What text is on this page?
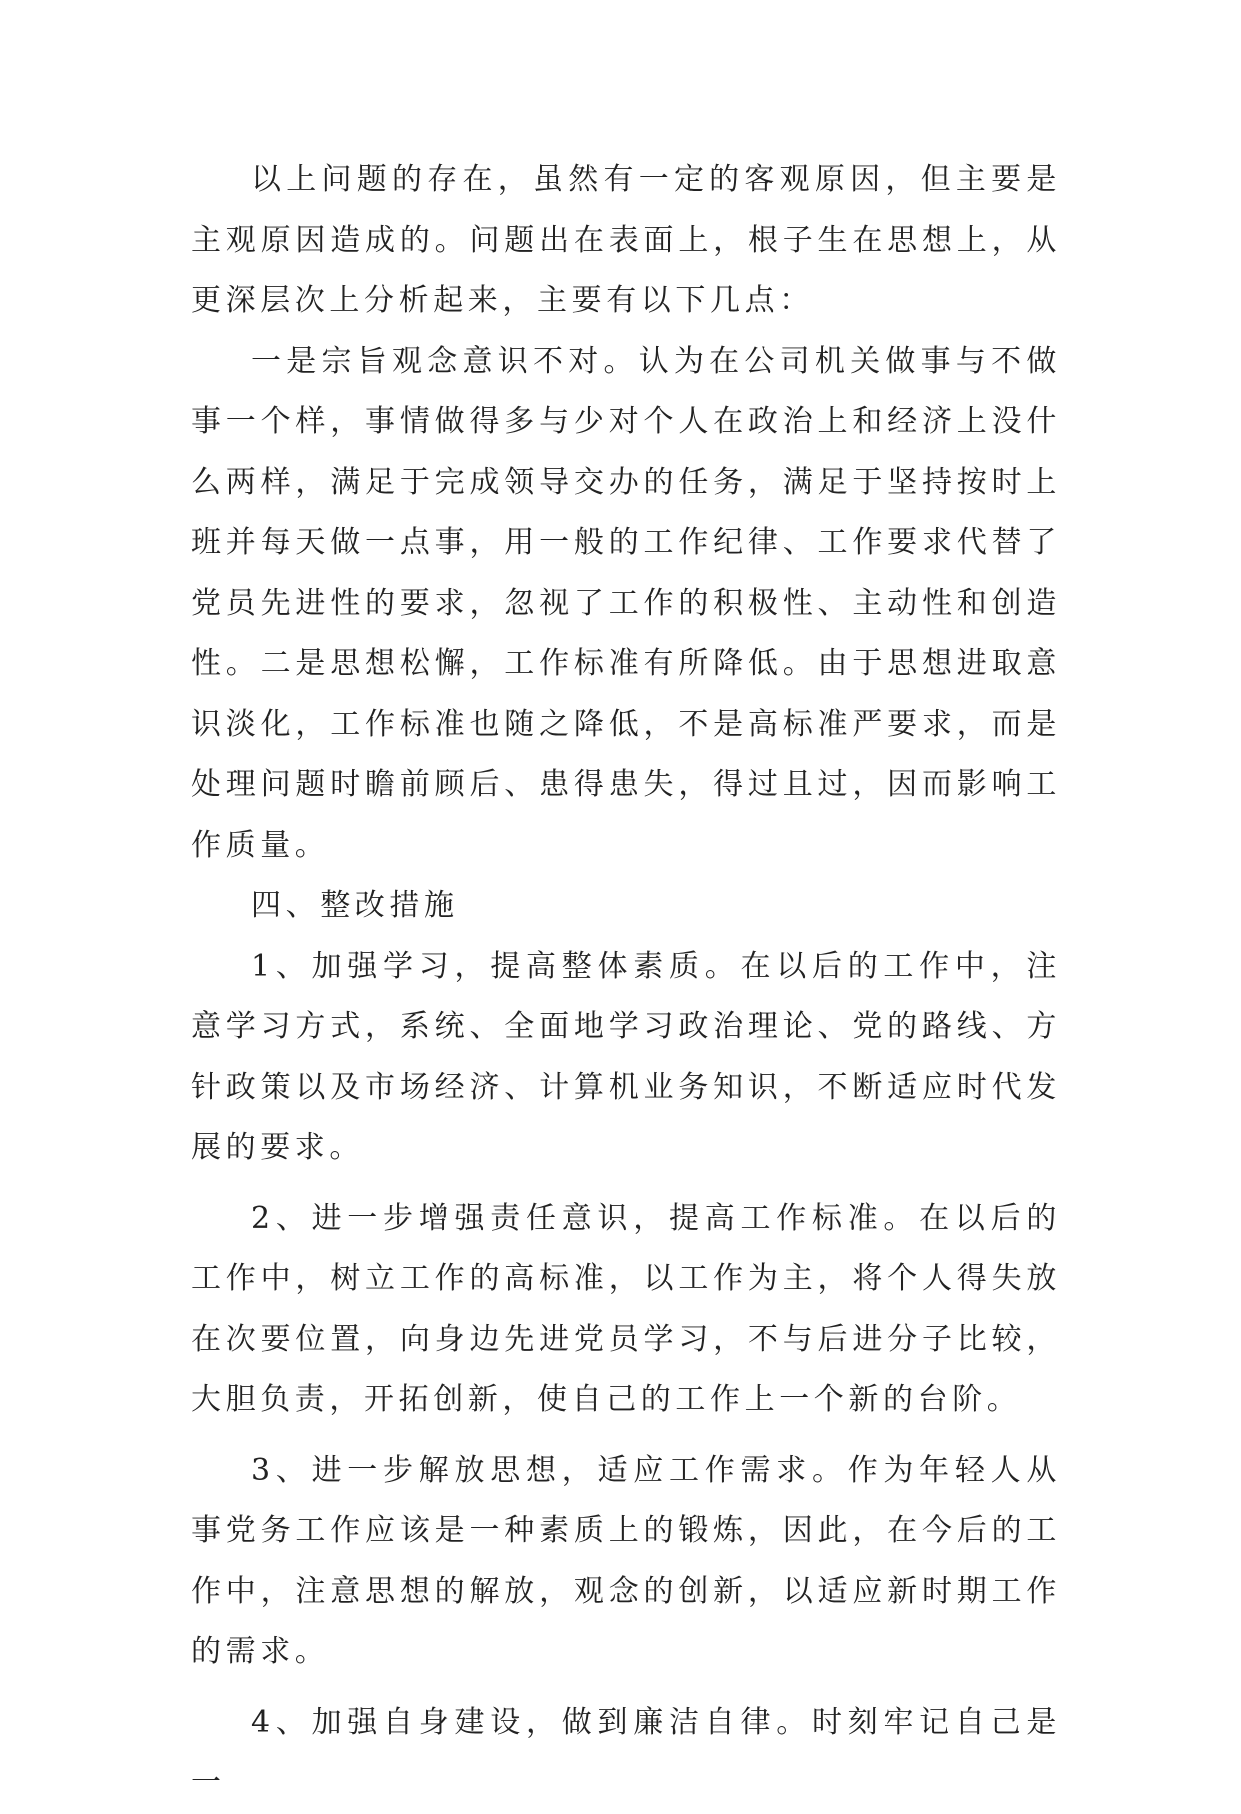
以上问题的存在，虽然有一定的客观原因，但主要是主观原因造成的。问题出在表面上，根子生在思想上，从更深层次上分析起来，主要有以下几点：

一是宗旨观念意识不对。认为在公司机关做事与不做事一个样，事情做得多与少对个人在政治上和经济上没什么两样，满足于完成领导交办的任务，满足于坚持按时上班并每天做一点事，用一般的工作纪律、工作要求代替了党员先进性的要求，忽视了工作的积极性、主动性和创造性。二是思想松懈，工作标准有所降低。由于思想进取意识淡化，工作标准也随之降低，不是高标准严要求，而是处理问题时瞻前顾后、患得患失，得过且过，因而影响工作质量。

四、整改措施

1、加强学习，提高整体素质。在以后的工作中，注意学习方式，系统、全面地学习政治理论、党的路线、方针政策以及市场经济、计算机业务知识，不断适应时代发展的要求。

2、进一步增强责任意识，提高工作标准。在以后的工作中，树立工作的高标准，以工作为主，将个人得失放在次要位置，向身边先进党员学习，不与后进分子比较，大胆负责，开拓创新，使自己的工作上一个新的台阶。

3、进一步解放思想，适应工作需求。作为年轻人从事党务工作应该是一种素质上的锻炼，因此，在今后的工作中，注意思想的解放，观念的创新，以适应新时期工作的需求。

4、加强自身建设，做到廉洁自律。时刻牢记自己是一
